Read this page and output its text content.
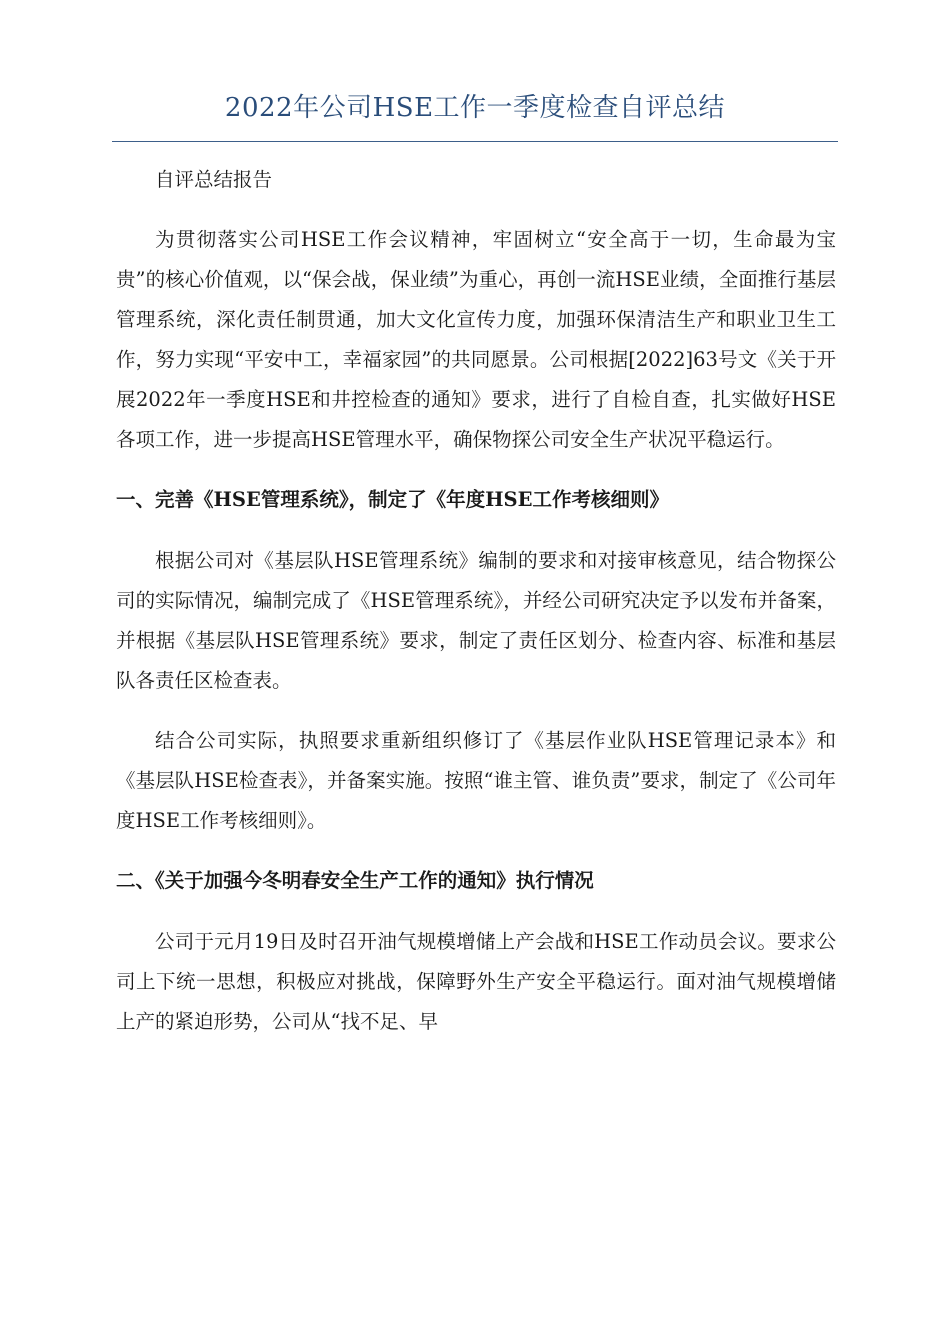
2022年公司HSE工作一季度检查自评总结

自评总结报告

为贯彻落实公司HSE工作会议精神，牢固树立“安全高于一切，生命最为宝贵”的核心价值观，以“保会战，保业绩”为重心，再创一流HSE业绩，全面推行基层管理系统，深化责任制贯通，加大文化宣传力度，加强环保清洁生产和职业卫生工作，努力实现“平安中工，幸福家园”的共同愿景。公司根据[2022]63号文《关于开展2022年一季度HSE和井控检查的通知》要求，进行了自检自查，扎实做好HSE各项工作，进一步提高HSE管理水平，确保物探公司安全生产状况平稳运行。

一、完善《HSE管理系统》，制定了《年度HSE工作考核细则》

根据公司对《基层队HSE管理系统》编制的要求和对接审核意见，结合物探公司的实际情况，编制完成了《HSE管理系统》，并经公司研究决定予以发布并备案，并根据《基层队HSE管理系统》要求，制定了责任区划分、检查内容、标准和基层队各责任区检查表。

结合公司实际，执照要求重新组织修订了《基层作业队HSE管理记录本》和《基层队HSE检查表》，并备案实施。按照“谁主管、谁负责”要求，制定了《公司年度HSE工作考核细则》。

二、《关于加强今冬明春安全生产工作的通知》执行情况

公司于元月19日及时召开油气规模增储上产会战和HSE工作动员会议。要求公司上下统一思想，积极应对挑战，保障野外生产安全平稳运行。面对油气规模增储上产的紧迫形势，公司从“找不足、早
